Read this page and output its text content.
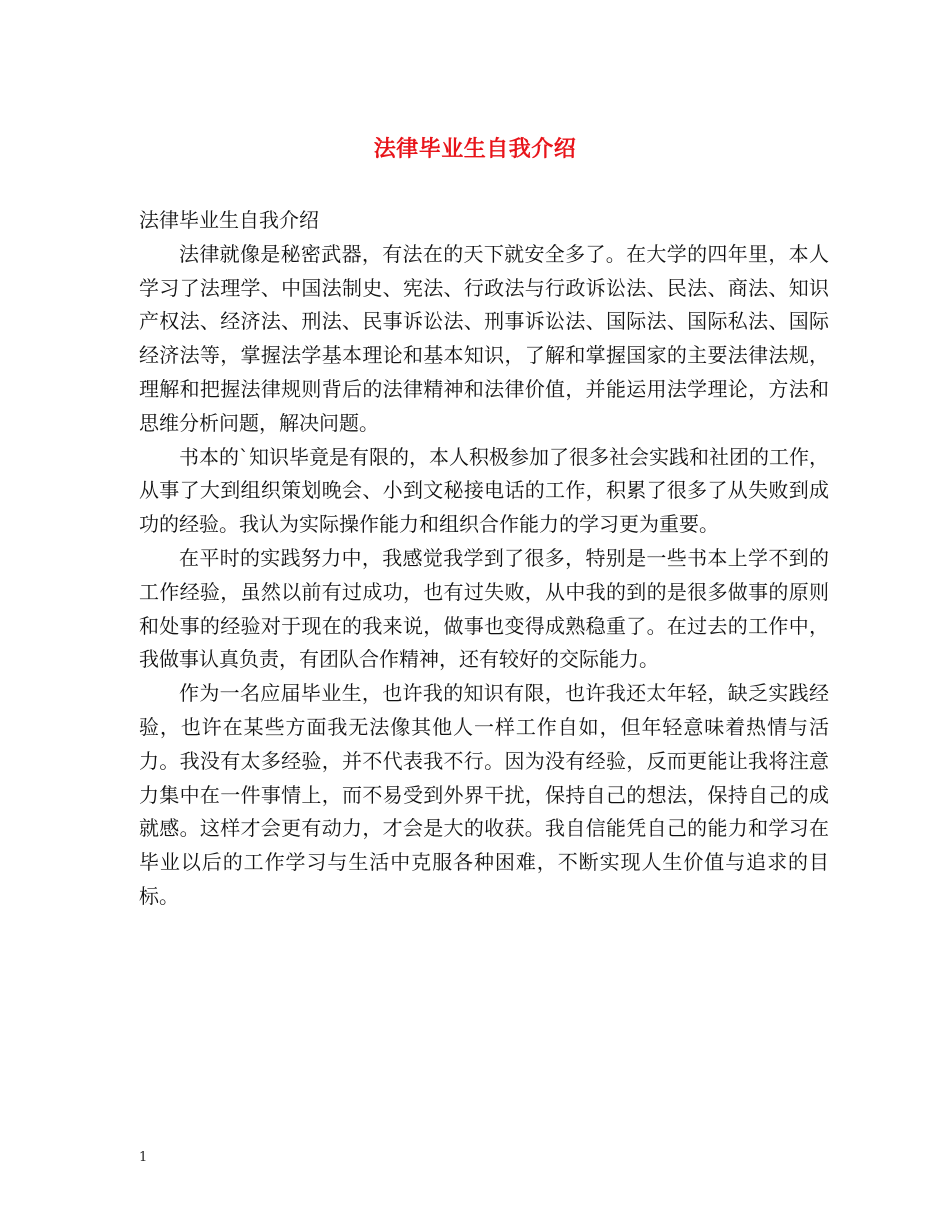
法律毕业生自我介绍

法律毕业生自我介绍

法律就像是秘密武器，有法在的天下就安全多了。在大学的四年里，本人学习了法理学、中国法制史、宪法、行政法与行政诉讼法、民法、商法、知识产权法、经济法、刑法、民事诉讼法、刑事诉讼法、国际法、国际私法、国际经济法等，掌握法学基本理论和基本知识，了解和掌握国家的主要法律法规，理解和把握法律规则背后的法律精神和法律价值，并能运用法学理论，方法和思维分析问题，解决问题。

书本的`知识毕竟是有限的，本人积极参加了很多社会实践和社团的工作，从事了大到组织策划晚会、小到文秘接电话的工作，积累了很多了从失败到成功的经验。我认为实际操作能力和组织合作能力的学习更为重要。

在平时的实践努力中，我感觉我学到了很多，特别是一些书本上学不到的工作经验，虽然以前有过成功，也有过失败，从中我的到的是很多做事的原则和处事的经验对于现在的我来说，做事也变得成熟稳重了。在过去的工作中，我做事认真负责，有团队合作精神，还有较好的交际能力。

作为一名应届毕业生，也许我的知识有限，也许我还太年轻，缺乏实践经验，也许在某些方面我无法像其他人一样工作自如，但年轻意味着热情与活力。我没有太多经验，并不代表我不行。因为没有经验，反而更能让我将注意力集中在一件事情上，而不易受到外界干扰，保持自己的想法，保持自己的成就感。这样才会更有动力，才会是大的收获。我自信能凭自己的能力和学习在毕业以后的工作学习与生活中克服各种困难，不断实现人生价值与追求的目标。

1
